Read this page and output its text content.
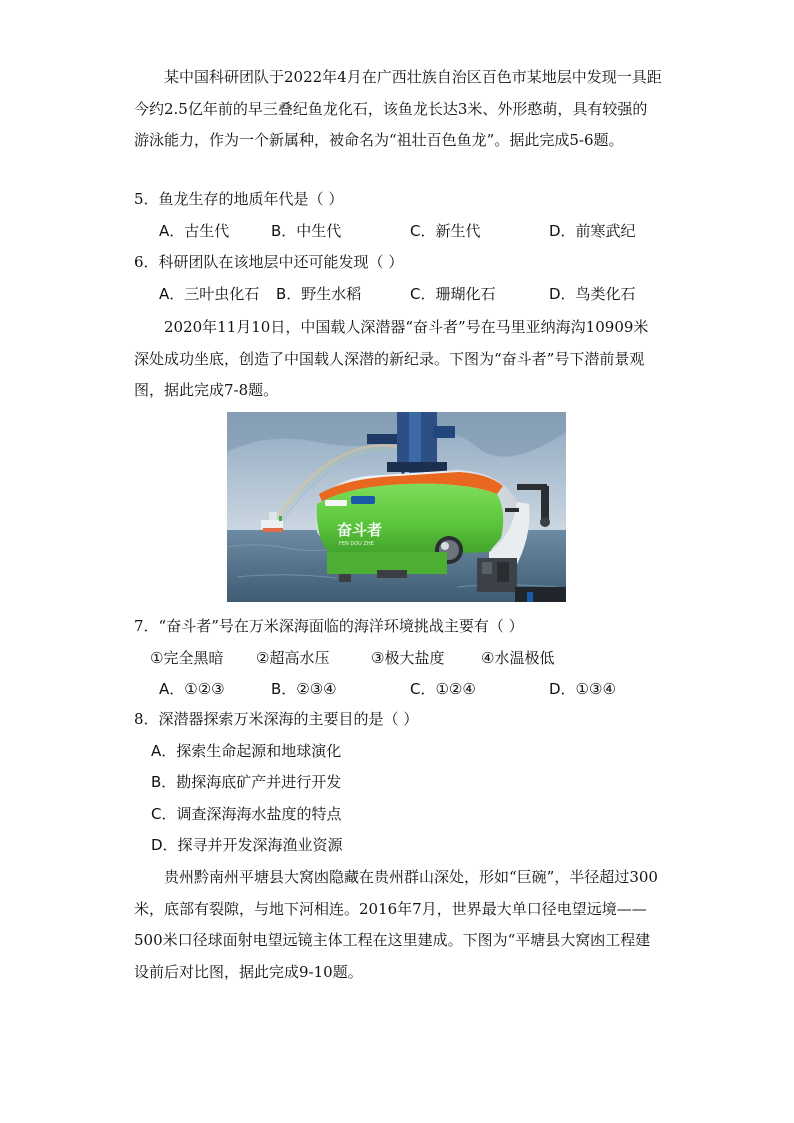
某中国科研团队于2022年4月在广西壮族自治区百色市某地层中发现一具距今约2.5亿年前的早三叠纪鱼龙化石，该鱼龙长达3米、外形憨萌，具有较强的游泳能力，作为一个新属种，被命名为“祖壮百色鱼龙”。据此完成5-6题。

5．鱼龙生存的地质年代是（ ）
A．古生代	B．中生代	C．新生代	D．前寒武纪
6．科研团队在该地层中还可能发现（ ）
A．三叶虫化石 B．野生水稻	C．珊瑚化石	D．鸟类化石

2020年11月10日，中国载人深潜器“奋斗者”号在马里亚纳海沟10909米深处成功坐底，创造了中国载人深潜的新纪录。下图为“奋斗者”号下潜前景观图，据此完成7-8题。

奋斗者
FEN DOU ZHE
7．“奋斗者”号在万米深海面临的海洋环境挑战主要有（ ）
①完全黑暗 ②超高水压	③极大盐度 ④水温极低
A．①②③	B．②③④	C．①②④	D．①③④
8．深潜器探索万米深海的主要目的是（ ）
A．探索生命起源和地球演化
B．勘探海底矿产并进行开发
C．调查深海海水盐度的特点
D．探寻并开发深海渔业资源

贵州黔南州平塘县大窝凼隐藏在贵州群山深处，形如“巨碗”，半径超过300米，底部有裂隙，与地下河相连。2016年7月，世界最大单口径电望远境——500米口径球面射电望远镜主体工程在这里建成。下图为“平塘县大窝凼工程建设前后对比图，据此完成9-10题。
